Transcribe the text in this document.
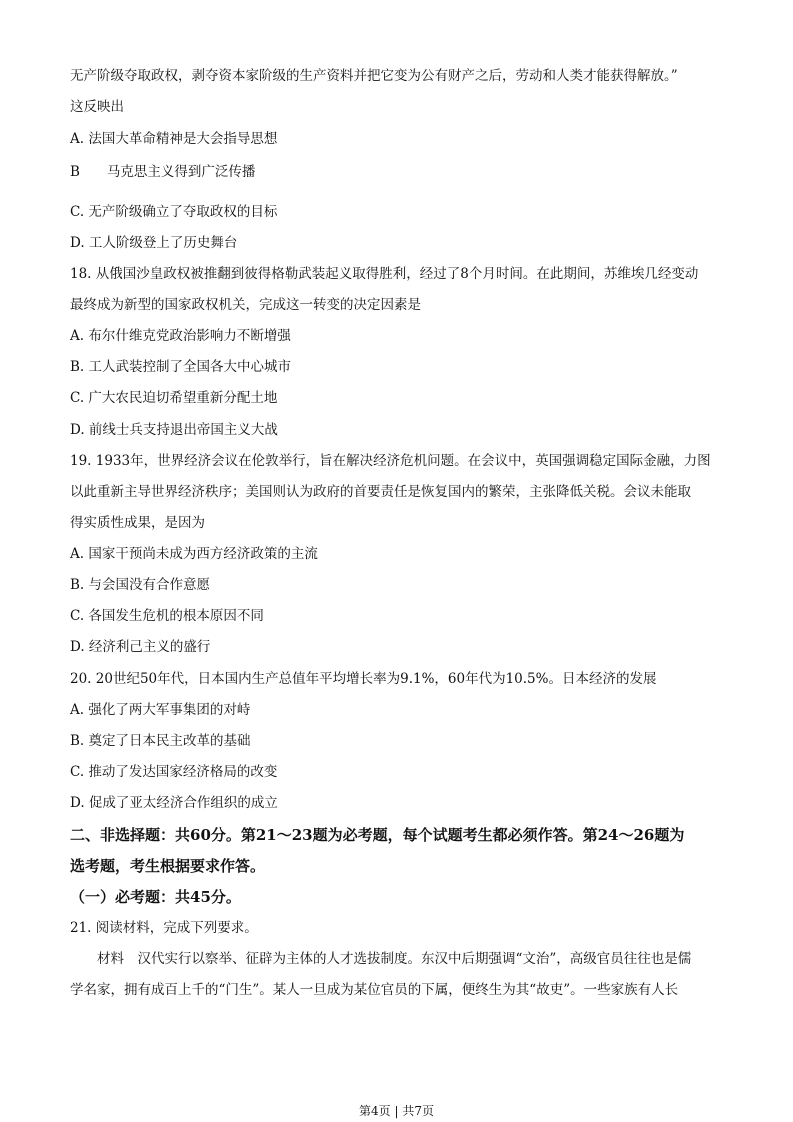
无产阶级夺取政权，剥夺资本家阶级的生产资料并把它变为公有财产之后，劳动和人类才能获得解放。”
这反映出
A. 法国大革命精神是大会指导思想
B　　马克思主义得到广泛传播
C. 无产阶级确立了夺取政权的目标
D. 工人阶级登上了历史舞台
18. 从俄国沙皇政权被推翻到彼得格勒武装起义取得胜利，经过了8个月时间。在此期间，苏维埃几经变动
最终成为新型的国家政权机关，完成这一转变的决定因素是
A. 布尔什维克党政治影响力不断增强
B. 工人武装控制了全国各大中心城市
C. 广大农民迫切希望重新分配土地
D. 前线士兵支持退出帝国主义大战
19. 1933年，世界经济会议在伦敦举行，旨在解决经济危机问题。在会议中，英国强调稳定国际金融，力图
以此重新主导世界经济秩序；美国则认为政府的首要责任是恢复国内的繁荣，主张降低关税。会议未能取
得实质性成果，是因为
A. 国家干预尚未成为西方经济政策的主流
B. 与会国没有合作意愿
C. 各国发生危机的根本原因不同
D. 经济利己主义的盛行
20. 20世纪50年代，日本国内生产总值年平均增长率为9.1%，60年代为10.5%。日本经济的发展
A. 强化了两大军事集团的对峙
B. 奠定了日本民主改革的基础
C. 推动了发达国家经济格局的改变
D. 促成了亚太经济合作组织的成立
二、非选择题：共60分。第21～23题为必考题，每个试题考生都必须作答。第24～26题为
选考题，考生根据要求作答。
（一）必考题：共45分。
21. 阅读材料，完成下列要求。
　　材料　汉代实行以察举、征辟为主体的人才选拔制度。东汉中后期强调“文治”，高级官员往往也是儒
学名家，拥有成百上千的“门生”。某人一旦成为某位官员的下属，便终生为其“故吏”。一些家族有人长
第4页 | 共7页
